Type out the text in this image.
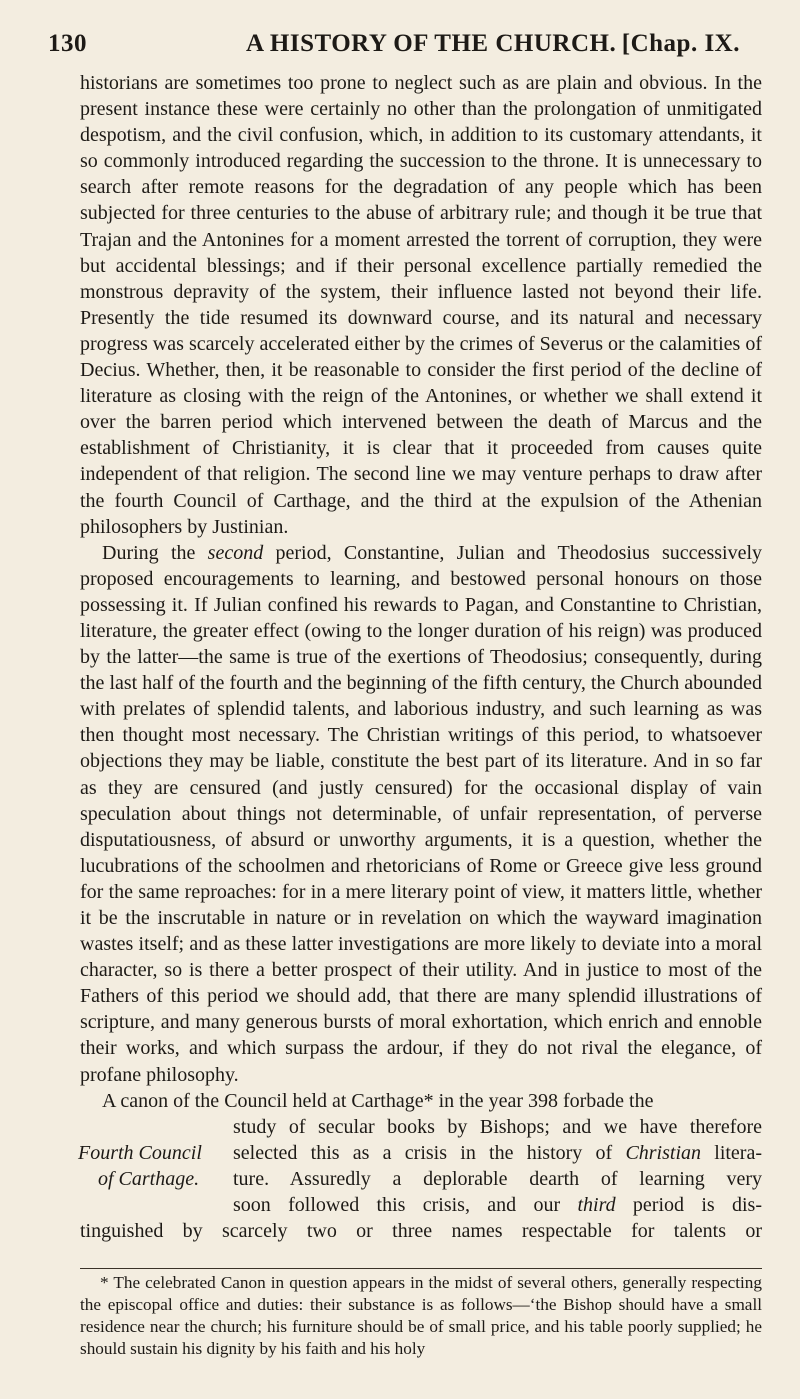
130	A HISTORY OF THE CHURCH. [Chap. IX.

historians are sometimes too prone to neglect such as are plain and obvious. In the present instance these were certainly no other than the prolongation of unmitigated despotism, and the civil confusion, which, in addition to its customary attendants, it so commonly introduced regarding the succession to the throne. It is unnecessary to search after remote reasons for the degradation of any people which has been subjected for three centuries to the abuse of arbitrary rule; and though it be true that Trajan and the Antonines for a moment arrested the torrent of corruption, they were but accidental blessings; and if their personal excellence partially remedied the monstrous depravity of the system, their influence lasted not beyond their life. Presently the tide resumed its downward course, and its natural and necessary progress was scarcely accelerated either by the crimes of Severus or the calamities of Decius. Whether, then, it be reasonable to consider the first period of the decline of literature as closing with the reign of the Antonines, or whether we shall extend it over the barren period which intervened between the death of Marcus and the establishment of Christianity, it is clear that it proceeded from causes quite independent of that religion. The second line we may venture perhaps to draw after the fourth Council of Carthage, and the third at the expulsion of the Athenian philosophers by Justinian.

During the second period, Constantine, Julian and Theodosius successively proposed encouragements to learning, and bestowed personal honours on those possessing it. If Julian confined his rewards to Pagan, and Constantine to Christian, literature, the greater effect (owing to the longer duration of his reign) was produced by the latter—the same is true of the exertions of Theodosius; consequently, during the last half of the fourth and the beginning of the fifth century, the Church abounded with prelates of splendid talents, and laborious industry, and such learning as was then thought most necessary. The Christian writings of this period, to whatsoever objections they may be liable, constitute the best part of its literature. And in so far as they are censured (and justly censured) for the occasional display of vain speculation about things not determinable, of unfair representation, of perverse disputatiousness, of absurd or unworthy arguments, it is a question, whether the lucubrations of the schoolmen and rhetoricians of Rome or Greece give less ground for the same reproaches: for in a mere literary point of view, it matters little, whether it be the inscrutable in nature or in revelation on which the wayward imagination wastes itself; and as these latter investigations are more likely to deviate into a moral character, so is there a better prospect of their utility. And in justice to most of the Fathers of this period we should add, that there are many splendid illustrations of scripture, and many generous bursts of moral exhortation, which enrich and ennoble their works, and which surpass the ardour, if they do not rival the elegance, of profane philosophy.

A canon of the Council held at Carthage* in the year 398 forbade the

Fourth Council
of Carthage.

study of secular books by Bishops; and we have therefore

selected this as a crisis in the history of Christian litera-

ture. Assuredly a deplorable dearth of learning very

soon followed this crisis, and our third period is dis-

tinguished by scarcely two or three names respectable for talents or

* The celebrated Canon in question appears in the midst of several others, generally respecting the episcopal office and duties: their substance is as follows—‘the Bishop should have a small residence near the church; his furniture should be of small price, and his table poorly supplied; he should sustain his dignity by his faith and his holy
